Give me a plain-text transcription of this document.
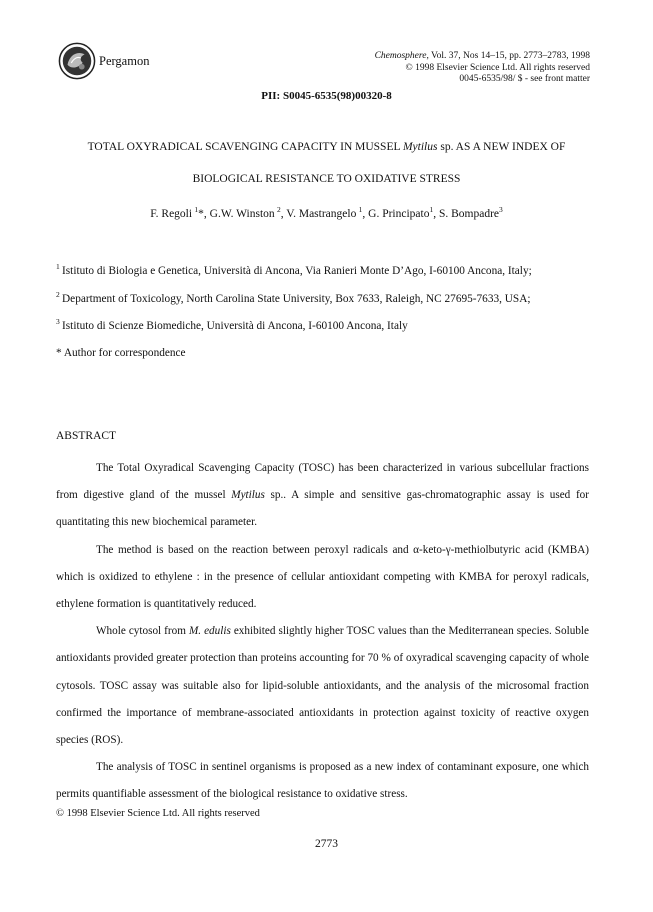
Pergamon	Chemosphere, Vol. 37, Nos 14–15, pp. 2773–2783, 1998
© 1998 Elsevier Science Ltd. All rights reserved
0045-6535/98/ $ - see front matter
PII: S0045-6535(98)00320-8
TOTAL OXYRADICAL SCAVENGING CAPACITY IN MUSSEL Mytilus sp. AS A NEW INDEX OF
BIOLOGICAL RESISTANCE TO OXIDATIVE STRESS
F. Regoli  $^1$*, G.W. Winston  $^2$, V. Mastrangelo  $^1$, G. Principato$^1$, S. Bompadre$^3$
$^1$  Istituto di Biologia e Genetica, Università di Ancona, Via Ranieri Monte D’Ago, I-60100 Ancona, Italy;
$^2$  Department of Toxicology, North Carolina State University, Box 7633, Raleigh, NC 27695-7633, USA;
$^3$  Istituto di Scienze Biomediche, Università di Ancona, I-60100 Ancona, Italy
* Author for correspondence
ABSTRACT

The Total Oxyradical Scavenging Capacity (TOSC) has been characterized in various subcellular fractions from digestive gland of the mussel Mytilus sp.. A simple and sensitive gas-chromatographic assay is used for quantitating this new biochemical parameter.

The method is based on the reaction between peroxyl radicals and α-keto-γ-methiolbutyric acid (KMBA) which is oxidized to ethylene : in the presence of cellular antioxidant competing with KMBA for peroxyl radicals, ethylene formation is quantitatively reduced.

Whole cytosol from M. edulis exhibited slightly higher TOSC values than the Mediterranean species. Soluble antioxidants provided greater protection than proteins accounting for 70 % of oxyradical scavenging capacity of whole cytosols. TOSC assay was suitable also for lipid-soluble antioxidants, and the analysis of the microsomal fraction confirmed the importance of membrane-associated antioxidants in protection against toxicity of reactive oxygen species (ROS).

The analysis of TOSC in sentinel organisms is proposed as a new index of contaminant exposure, one which permits quantifiable assessment of the biological resistance to oxidative stress.

© 1998 Elsevier Science Ltd. All rights reserved
2773
